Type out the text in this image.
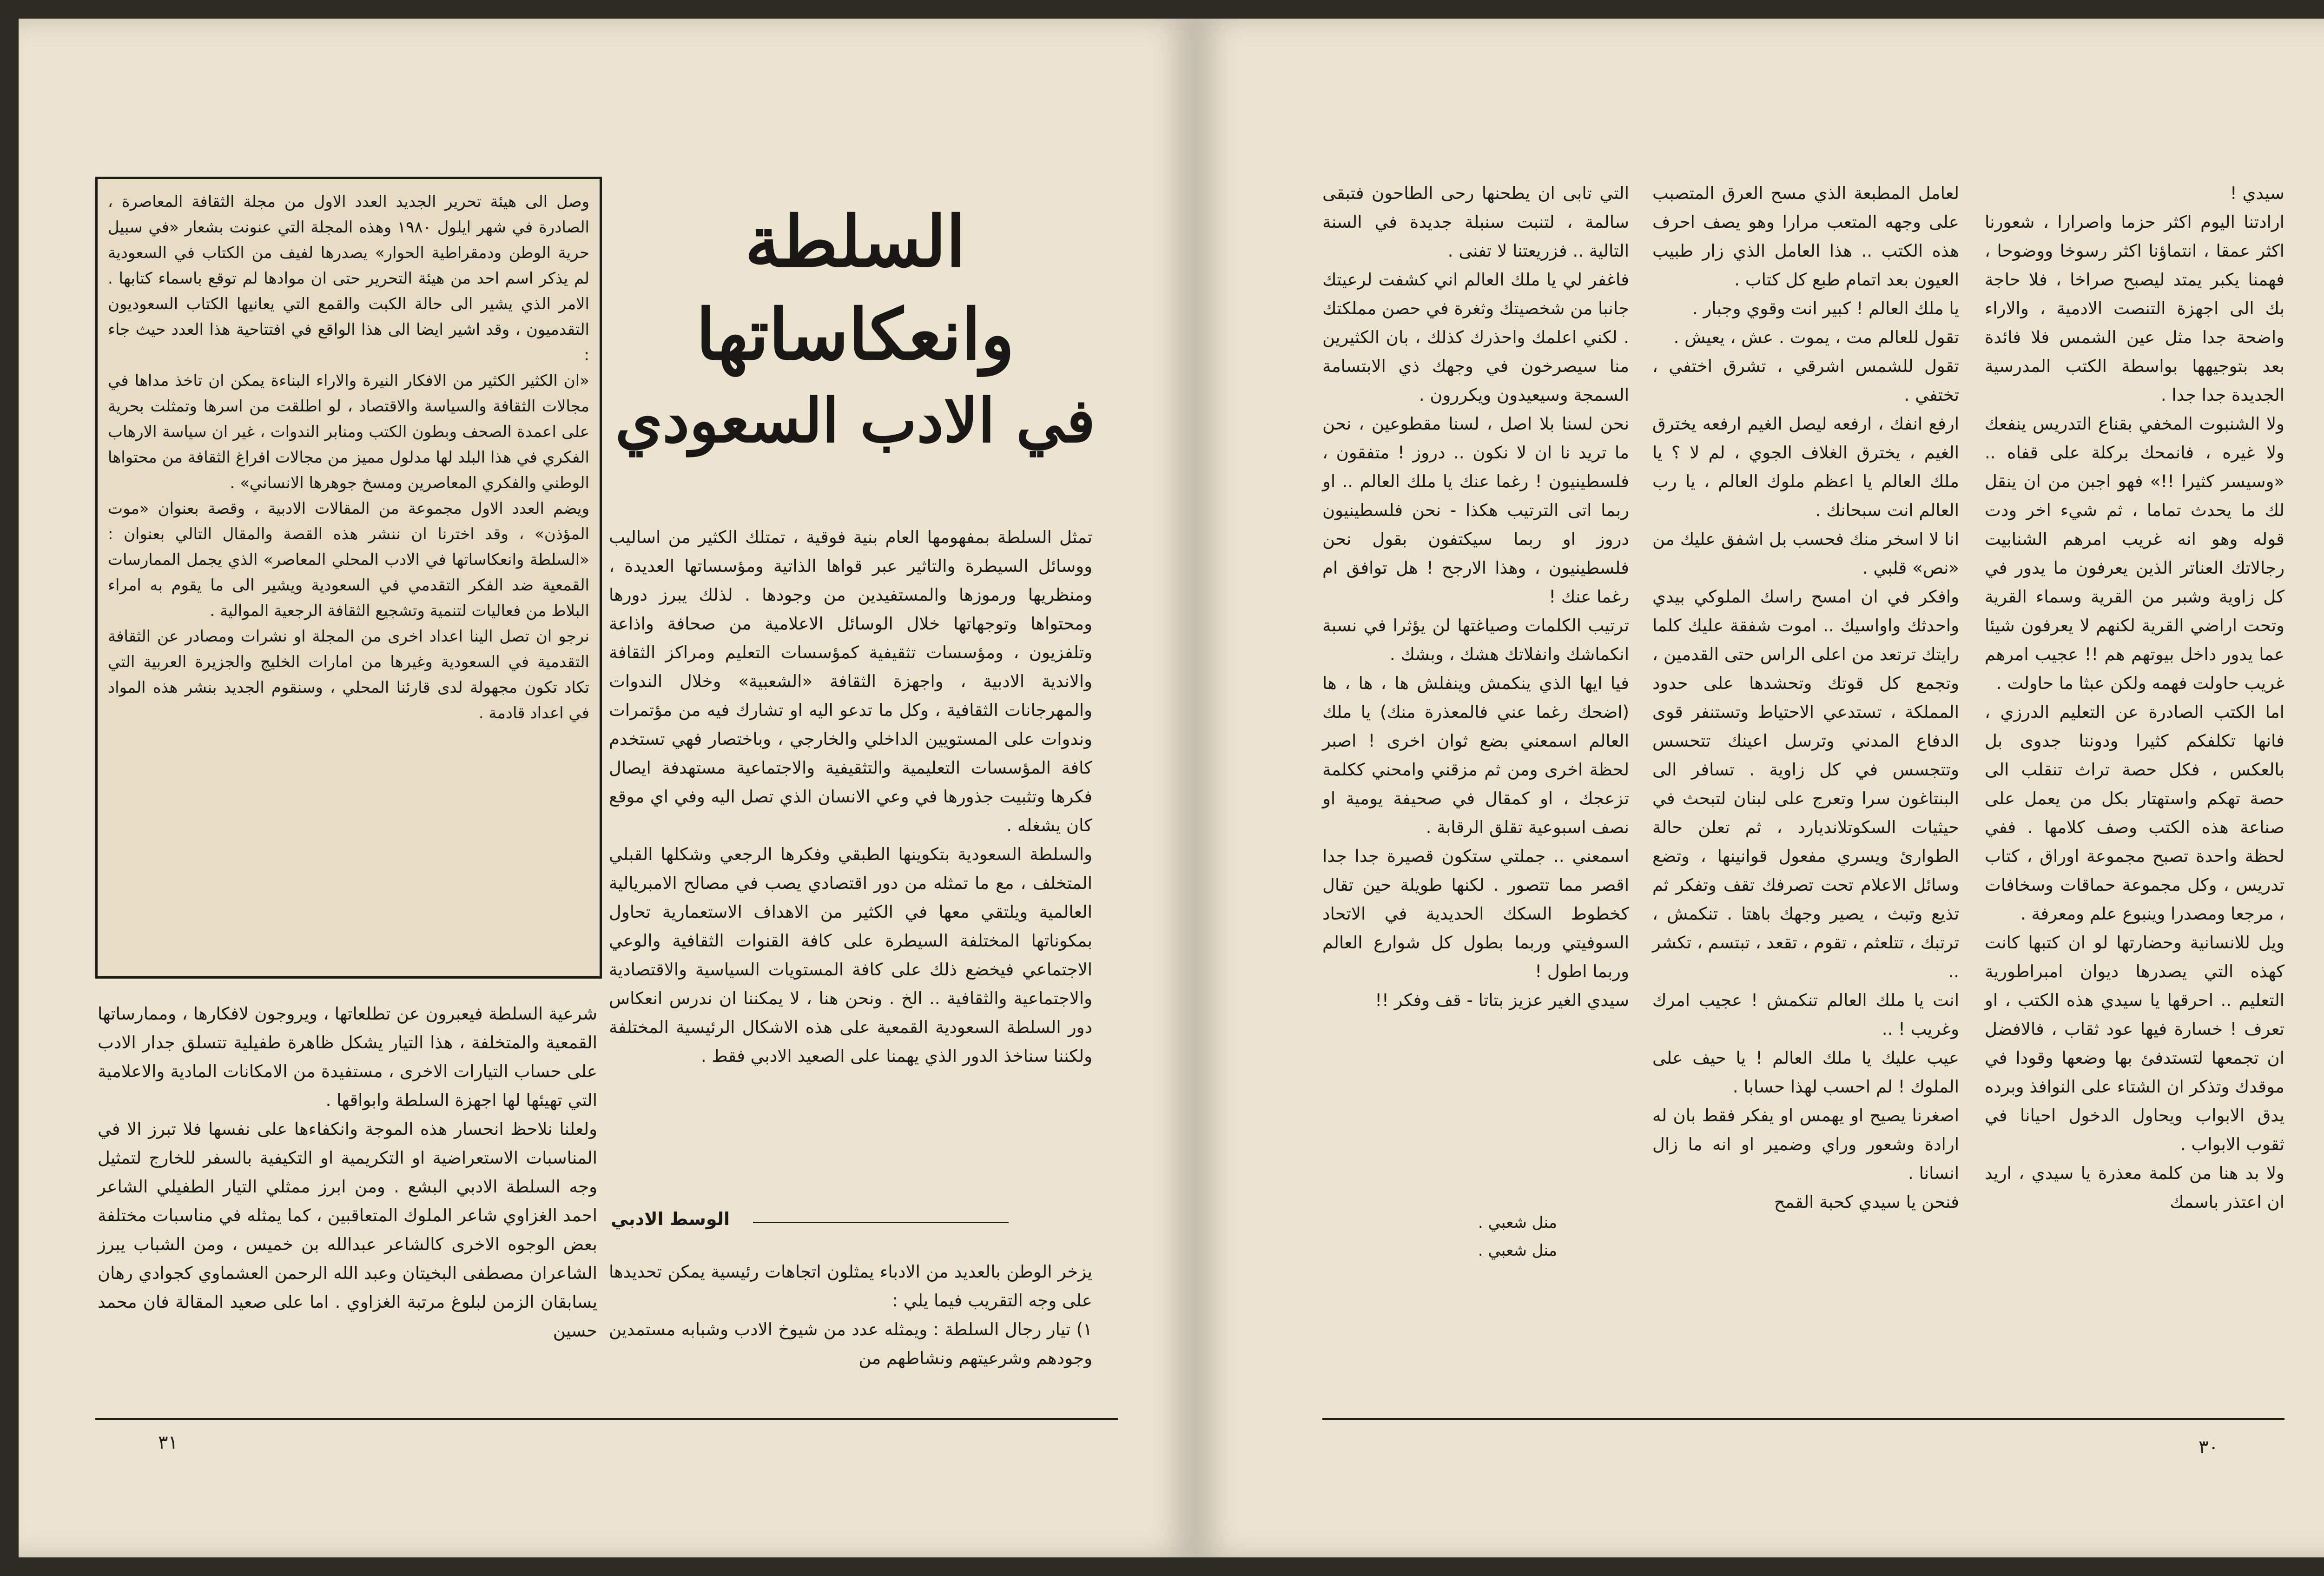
السلطة وانعكاساتها
في الادب السعودي
وصل الى هيئة تحرير الجديد العدد الاول من مجلة الثقافة المعاصرة ، الصادرة في شهر ايلول ١٩٨٠ وهذه المجلة التي عنونت بشعار «في سبيل حرية الوطن ودمقراطية الحوار» يصدرها لفيف من الكتاب في السعودية لم يذكر اسم احد من هيئة التحرير حتى ان موادها لم توقع باسماء كتابها . الامر الذي يشير الى حالة الكبت والقمع التي يعانيها الكتاب السعوديون التقدميون ، وقد اشير ايضا الى هذا الواقع في افتتاحية هذا العدد حيث جاء :
«ان الكثير الكثير من الافكار النيرة والاراء البناءة يمكن ان تاخذ مداها في مجالات الثقافة والسياسة والاقتصاد ، لو اطلقت من اسرها وتمثلت بحرية على اعمدة الصحف وبطون الكتب ومنابر الندوات ، غير ان سياسة الارهاب الفكري في هذا البلد لها مدلول مميز من مجالات افراغ الثقافة من محتواها الوطني والفكري المعاصرين ومسخ جوهرها الانساني» .
ويضم العدد الاول مجموعة من المقالات الادبية ، وقصة بعنوان «موت المؤذن» ، وقد اخترنا ان ننشر هذه القصة والمقال التالي بعنوان : «السلطة وانعكاساتها في الادب المحلي المعاصر» الذي يجمل الممارسات القمعية ضد الفكر التقدمي في السعودية ويشير الى ما يقوم به امراء البلاط من فعاليات لتنمية وتشجيع الثقافة الرجعية الموالية .
نرجو ان تصل الينا اعداد اخرى من المجلة او نشرات ومصادر عن الثقافة التقدمية في السعودية وغيرها من امارات الخليج والجزيرة العربية التي تكاد تكون مجهولة لدى قارئنا المحلي ، وسنقوم الجديد بنشر هذه المواد في اعداد قادمة .
تمثل السلطة بمفهومها العام بنية فوقية ، تمتلك الكثير من اساليب ووسائل السيطرة والتاثير عبر قواها الذاتية ومؤسساتها العديدة ، ومنظريها ورموزها والمستفيدين من وجودها . لذلك يبرز دورها ومحتواها وتوجهاتها خلال الوسائل الاعلامية من صحافة واذاعة وتلفزيون ، ومؤسسات تثقيفية كمؤسسات التعليم ومراكز الثقافة والاندية الادبية ، واجهزة الثقافة «الشعبية» وخلال الندوات والمهرجانات الثقافية ، وكل ما تدعو اليه او تشارك فيه من مؤتمرات وندوات على المستويين الداخلي والخارجي ، وباختصار فهي تستخدم كافة المؤسسات التعليمية والتثقيفية والاجتماعية مستهدفة ايصال فكرها وتثبيت جذورها في وعي الانسان الذي تصل اليه وفي اي موقع كان يشغله .
والسلطة السعودية بتكوينها الطبقي وفكرها الرجعي وشكلها القبلي المتخلف ، مع ما تمثله من دور اقتصادي يصب في مصالح الامبريالية العالمية ويلتقي معها في الكثير من الاهداف الاستعمارية تحاول بمكوناتها المختلفة السيطرة على كافة القنوات الثقافية والوعي الاجتماعي فيخضع ذلك على كافة المستويات السياسية والاقتصادية والاجتماعية والثقافية .. الخ . ونحن هنا ، لا يمكننا ان ندرس انعكاس دور السلطة السعودية القمعية على هذه الاشكال الرئيسية المختلفة ولكننا سناخذ الدور الذي يهمنا على الصعيد الادبي فقط .
الوسط الادبي
يزخر الوطن بالعديد من الادباء يمثلون اتجاهات رئيسية يمكن تحديدها على وجه التقريب فيما يلي :
١) تيار رجال السلطة : ويمثله عدد من شيوخ الادب وشبابه مستمدين وجودهم وشرعيتهم ونشاطهم من
شرعية السلطة فيعبرون عن تطلعاتها ، ويروجون لافكارها ، وممارساتها القمعية والمتخلفة ، هذا التيار يشكل ظاهرة طفيلية تتسلق جدار الادب على حساب التيارات الاخرى ، مستفيدة من الامكانات المادية والاعلامية التي تهيئها لها اجهزة السلطة وابواقها .
ولعلنا نلاحظ انحسار هذه الموجة وانكفاءها على نفسها فلا تبرز الا في المناسبات الاستعراضية او التكريمية او التكيفية بالسفر للخارج لتمثيل وجه السلطة الادبي البشع . ومن ابرز ممثلي التيار الطفيلي الشاعر احمد الغزاوي شاعر الملوك المتعاقبين ، كما يمثله في مناسبات مختلفة بعض الوجوه الاخرى كالشاعر عبدالله بن خميس ، ومن الشباب يبرز الشاعران مصطفى البخيتان وعبد الله الرحمن العشماوي كجوادي رهان يسابقان الزمن لبلوغ مرتبة الغزاوي . اما على صعيد المقالة فان محمد حسين
٣١
سيدي !
ارادتنا اليوم اكثر حزما واصرارا ، شعورنا اكثر عمقا ، انتماؤنا اكثر رسوخا ووضوحا ، فهمنا يكبر يمتد ليصبح صراخا ، فلا حاجة بك الى اجهزة التنصت الادمية ، والاراء واضحة جدا مثل عين الشمس فلا فائدة بعد بتوجيهها بواسطة الكتب المدرسية الجديدة جدا جدا .
ولا الشنبوت المخفي بقناع التدريس ينفعك ولا غيره ، فانمحك بركلة على قفاه .. «وسيسر كثيرا !!» فهو اجبن من ان ينقل لك ما يحدث تماما ، ثم شيء اخر ودت قوله وهو انه غريب امرهم الشنابيت رجالاتك العناتر الذين يعرفون ما يدور في كل زاوية وشبر من القرية وسماء القرية وتحت اراضي القرية لكنهم لا يعرفون شيئا عما يدور داخل بيوتهم هم !! عجيب امرهم غريب حاولت فهمه ولكن عبثا ما حاولت .
اما الكتب الصادرة عن التعليم الدرزي ، فانها تكلفكم كثيرا ودوننا جدوى بل بالعكس ، فكل حصة تراث تنقلب الى حصة تهكم واستهتار بكل من يعمل على صناعة هذه الكتب وصف كلامها . ففي لحظة واحدة تصبح مجموعة اوراق ، كتاب تدريس ، وكل مجموعة حماقات وسخافات ، مرجعا ومصدرا وينبوع علم ومعرفة .
ويل للانسانية وحضارتها لو ان كتبها كانت كهذه التي يصدرها ديوان امبراطورية التعليم .. احرقها يا سيدي هذه الكتب ، او تعرف ! خسارة فيها عود ثقاب ، فالافضل ان تجمعها لتستدفئ بها وضعها وقودا في موقدك وتذكر ان الشتاء على النوافذ وبرده يدق الابواب ويحاول الدخول احيانا في ثقوب الابواب .
ولا بد هنا من كلمة معذرة يا سيدي ، اريد ان اعتذر باسمك
لعامل المطبعة الذي مسح العرق المتصبب على وجهه المتعب مرارا وهو يصف احرف هذه الكتب .. هذا العامل الذي زار طبيب العيون بعد اتمام طبع كل كتاب .
يا ملك العالم ! كبير انت وقوي وجبار .
تقول للعالم مت ، يموت . عش ، يعيش .
تقول للشمس اشرقي ، تشرق اختفي ، تختفي .
ارفع انفك ، ارفعه ليصل الغيم ارفعه يخترق الغيم ، يخترق الغلاف الجوي ، لم لا ؟ يا ملك العالم يا اعظم ملوك العالم ، يا رب العالم انت سبحانك .
انا لا اسخر منك فحسب بل اشفق عليك من «نص» قلبي .
وافكر في ان امسح راسك الملوكي بيدي واحدثك واواسيك .. اموت شفقة عليك كلما رايتك ترتعد من اعلى الراس حتى القدمين ، وتجمع كل قوتك وتحشدها على حدود المملكة ، تستدعي الاحتياط وتستنفر قوى الدفاع المدني وترسل اعينك تتحسس وتتجسس في كل زاوية . تسافر الى البنتاغون سرا وتعرج على لبنان لتبحث في حيثيات السكوتلانديارد ، ثم تعلن حالة الطوارئ ويسري مفعول قوانينها ، وتضع وسائل الاعلام تحت تصرفك تقف وتفكر ثم تذيع وتبث ، يصير وجهك باهتا . تنكمش ، ترتبك ، تتلعثم ، تقوم ، تقعد ، تبتسم ، تكشر ..
انت يا ملك العالم تنكمش ! عجيب امرك وغريب ! ..
عيب عليك يا ملك العالم ! يا حيف على الملوك ! لم احسب لهذا حسابا .
اصغرنا يصيح او يهمس او يفكر فقط بان له ارادة وشعور وراي وضمير او انه ما زال انسانا .
فنحن يا سيدي كحبة القمح
التي تابى ان يطحنها رحى الطاحون فتبقى سالمة ، لتنبت سنبلة جديدة في السنة التالية .. فزريعتنا لا تفنى .
فاغفر لي يا ملك العالم اني كشفت لرعيتك جانبا من شخصيتك وثغرة في حصن مملكتك . لكني اعلمك واحذرك كذلك ، بان الكثيرين منا سيصرخون في وجهك ذي الابتسامة السمجة وسيعيدون ويكررون .
نحن لسنا بلا اصل ، لسنا مقطوعين ، نحن ما تريد نا ان لا نكون .. دروز ! متفقون ، فلسطينيون ! رغما عنك يا ملك العالم .. او ربما اتى الترتيب هكذا - نحن فلسطينيون دروز او ربما سيكتفون بقول نحن فلسطينيون ، وهذا الارجح ! هل توافق ام رغما عنك !
ترتيب الكلمات وصياغتها لن يؤثرا في نسبة انكماشك وانفلاتك هشك ، وبشك .
فيا ايها الذي ينكمش وينفلش ها ، ها ، ها (اضحك رغما عني فالمعذرة منك) يا ملك العالم اسمعني بضع ثوان اخرى ! اصبر لحظة اخرى ومن ثم مزقني وامحني ككلمة تزعجك ، او كمقال في صحيفة يومية او نصف اسبوعية تقلق الرقابة .
اسمعني .. جملتي ستكون قصيرة جدا جدا اقصر مما تتصور . لكنها طويلة حين تقال كخطوط السكك الحديدية في الاتحاد السوفيتي وربما بطول كل شوارع العالم وربما اطول !
سيدي الغير عزيز بتاتا - قف وفكر !!
منل شعبي .
منل شعبي .
٣٠
